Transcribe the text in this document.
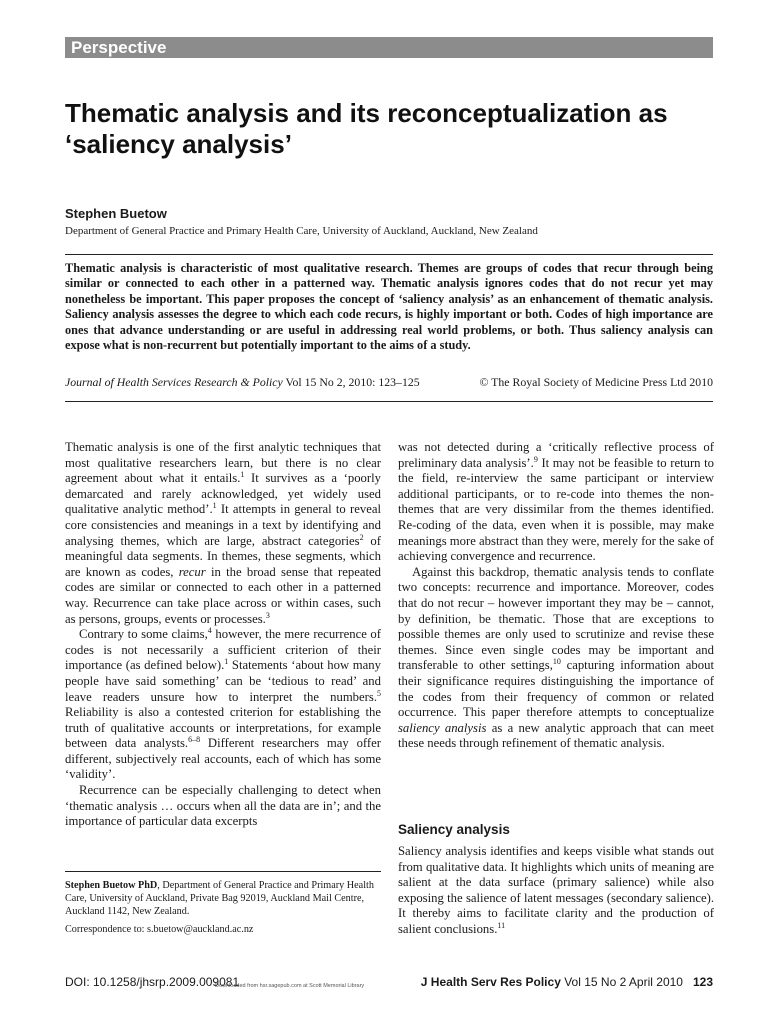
Perspective
Thematic analysis and its reconceptualization as ‘saliency analysis’
Stephen Buetow
Department of General Practice and Primary Health Care, University of Auckland, Auckland, New Zealand

Thematic analysis is characteristic of most qualitative research. Themes are groups of codes that recur through being similar or connected to each other in a patterned way. Thematic analysis ignores codes that do not recur yet may nonetheless be important. This paper proposes the concept of ‘saliency analysis’ as an enhancement of thematic analysis. Saliency analysis assesses the degree to which each code recurs, is highly important or both. Codes of high importance are ones that advance understanding or are useful in addressing real world problems, or both. Thus saliency analysis can expose what is non-recurrent but potentially important to the aims of a study.

Journal of Health Services Research & Policy Vol 15 No 2, 2010: 123–125	© The Royal Society of Medicine Press Ltd 2010

Thematic analysis is one of the first analytic techniques that most qualitative researchers learn, but there is no clear agreement about what it entails.$^1$ It survives as a ‘poorly demarcated and rarely acknowledged, yet widely used qualitative analytic method’.$^1$ It attempts in general to reveal core consistencies and meanings in a text by identifying and analysing themes, which are large, abstract categories$^2$ of meaningful data segments. In themes, these segments, which are known as codes, recur in the broad sense that repeated codes are similar or connected to each other in a patterned way. Recurrence can take place across or within cases, such as persons, groups, events or processes.$^3$

Contrary to some claims,$^4$ however, the mere recurrence of codes is not necessarily a sufficient criterion of their importance (as defined below).$^1$ Statements ‘about how many people have said something’ can be ‘tedious to read’ and leave readers unsure how to interpret the numbers.$^5$ Reliability is also a contested criterion for establishing the truth of qualitative accounts or interpretations, for example between data analysts.$^{6-8}$ Different researchers may offer different, subjectively real accounts, each of which has some ‘validity’.

Recurrence can be especially challenging to detect when ‘thematic analysis … occurs when all the data are in’; and the importance of particular data excerpts

was not detected during a ‘critically reflective process of preliminary data analysis’.$^9$ It may not be feasible to return to the field, re-interview the same participant or interview additional participants, or to re-code into themes the non-themes that are very dissimilar from the themes identified. Re-coding of the data, even when it is possible, may make meanings more abstract than they were, merely for the sake of achieving convergence and recurrence.

Against this backdrop, thematic analysis tends to conflate two concepts: recurrence and importance. Moreover, codes that do not recur – however important they may be – cannot, by definition, be thematic. Those that are exceptions to possible themes are only used to scrutinize and revise these themes. Since even single codes may be important and transferable to other settings,$^{10}$ capturing information about their significance requires distinguishing the importance of the codes from their frequency of common or related occurrence. This paper therefore attempts to conceptualize saliency analysis as a new analytic approach that can meet these needs through refinement of thematic analysis.

Saliency analysis

Saliency analysis identifies and keeps visible what stands out from qualitative data. It highlights which units of meaning are salient at the data surface (primary salience) while also exposing the salience of latent messages (secondary salience). It thereby aims to facilitate clarity and the production of salient conclusions.$^{11}$

Stephen Buetow PhD, Department of General Practice and Primary Health Care, University of Auckland, Private Bag 92019, Auckland Mail Centre, Auckland 1142, New Zealand.

Correspondence to: s.buetow@auckland.ac.nz

DOI: 10.1258/jhsrp.2009.009081	J Health Serv Res Policy Vol 15 No 2 April 2010 123
Downloaded from hsr.sagepub.com at Scott Memorial Library
